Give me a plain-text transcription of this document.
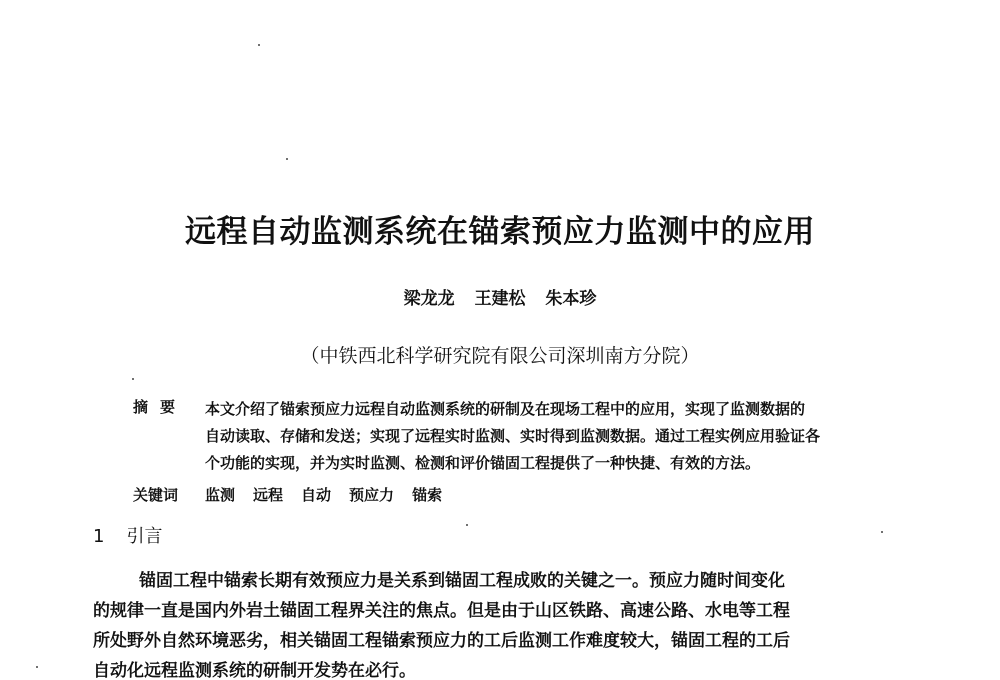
远程自动监测系统在锚索预应力监测中的应用
梁龙龙 王建松 朱本珍
（中铁西北科学研究院有限公司深圳南方分院）
摘要 本文介绍了锚索预应力远程自动监测系统的研制及在现场工程中的应用，实现了监测数据的
自动读取、存储和发送；实现了远程实时监测、实时得到监测数据。通过工程实例应用验证各
个功能的实现，并为实时监测、检测和评价锚固工程提供了一种快捷、有效的方法。
关键词 监测 远程 自动 预应力 锚索
1 引言
锚固工程中锚索长期有效预应力是关系到锚固工程成败的关键之一。预应力随时间变化
的规律一直是国内外岩土锚固工程界关注的焦点。但是由于山区铁路、高速公路、水电等工程
所处野外自然环境恶劣，相关锚固工程锚索预应力的工后监测工作难度较大，锚固工程的工后
自动化远程监测系统的研制开发势在必行。
